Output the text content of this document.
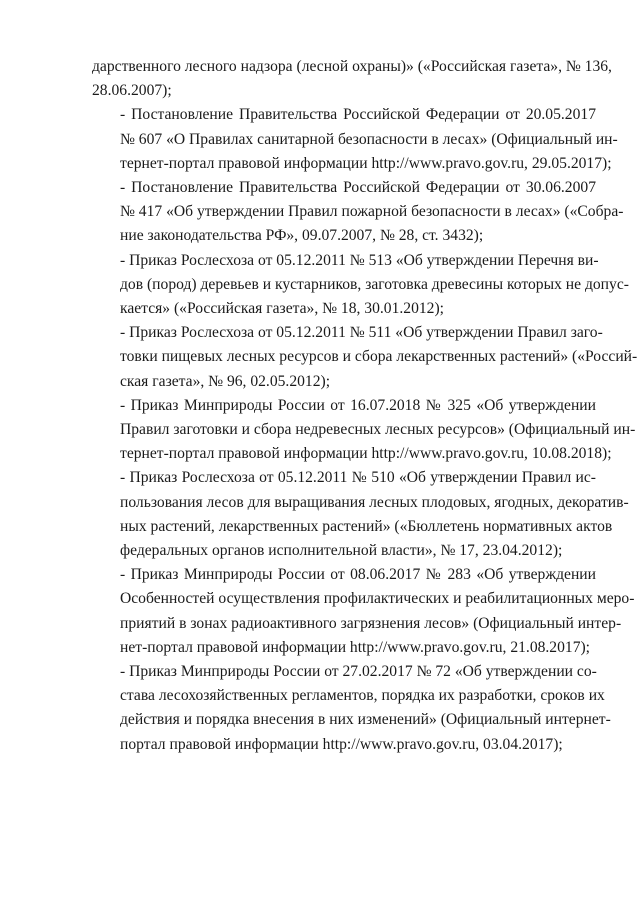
дарственного лесного надзора (лесной охраны)» («Российская газета», № 136,
28.06.2007);
- Постановление Правительства Российской Федерации от 20.05.2017
№ 607 «О Правилах санитарной безопасности в лесах» (Официальный ин-
тернет-портал правовой информации http://www.pravo.gov.ru, 29.05.2017);
- Постановление Правительства Российской Федерации от 30.06.2007
№ 417 «Об утверждении Правил пожарной безопасности в лесах» («Собра-
ние законодательства РФ», 09.07.2007, № 28, ст. 3432);
- Приказ Рослесхоза от 05.12.2011 № 513 «Об утверждении Перечня ви-
дов (пород) деревьев и кустарников, заготовка древесины которых не допус-
кается» («Российская газета», № 18, 30.01.2012);
- Приказ Рослесхоза от 05.12.2011 № 511 «Об утверждении Правил заго-
товки пищевых лесных ресурсов и сбора лекарственных растений» («Россий-
ская газета», № 96, 02.05.2012);
- Приказ Минприроды России от 16.07.2018 № 325 «Об утверждении
Правил заготовки и сбора недревесных лесных ресурсов» (Официальный ин-
тернет-портал правовой информации http://www.pravo.gov.ru, 10.08.2018);
- Приказ Рослесхоза от 05.12.2011 № 510 «Об утверждении Правил ис-
пользования лесов для выращивания лесных плодовых, ягодных, декоратив-
ных растений, лекарственных растений» («Бюллетень нормативных актов
федеральных органов исполнительной власти», № 17, 23.04.2012);
- Приказ Минприроды России от 08.06.2017 № 283 «Об утверждении
Особенностей осуществления профилактических и реабилитационных меро-
приятий в зонах радиоактивного загрязнения лесов» (Официальный интер-
нет-портал правовой информации http://www.pravo.gov.ru, 21.08.2017);
- Приказ Минприроды России от 27.02.2017 № 72 «Об утверждении со-
става лесохозяйственных регламентов, порядка их разработки, сроков их
действия и порядка внесения в них изменений» (Официальный интернет-
портал правовой информации http://www.pravo.gov.ru, 03.04.2017);
